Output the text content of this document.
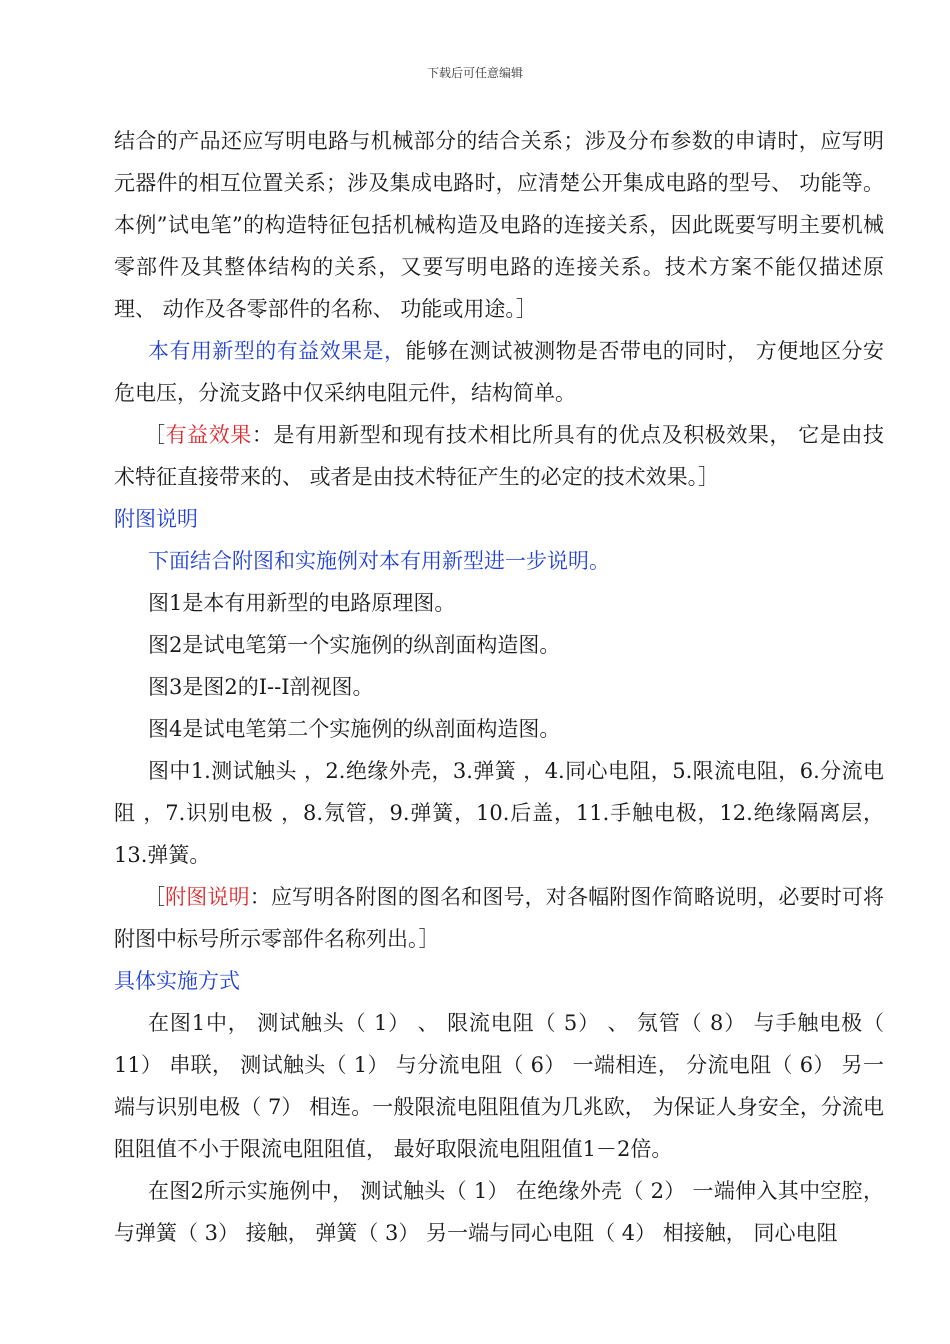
下载后可任意编辑

结合的产品还应写明电路与机械部分的结合关系；涉及分布参数的申请时，应写明元器件的相互位置关系；涉及集成电路时，应清楚公开集成电路的型号、 功能等。本例”试电笔”的构造特征包括机械构造及电路的连接关系，因此既要写明主要机械零部件及其整体结构的关系，又要写明电路的连接关系。技术方案不能仅描述原理、 动作及各零部件的名称、 功能或用途。］

本有用新型的有益效果是，能够在测试被测物是否带电的同时， 方便地区分安危电压，分流支路中仅采纳电阻元件，结构简单。

［有益效果：是有用新型和现有技术相比所具有的优点及积极效果， 它是由技术特征直接带来的、 或者是由技术特征产生的必定的技术效果。］

附图说明

下面结合附图和实施例对本有用新型进一步说明。

图1是本有用新型的电路原理图。

图2是试电笔第一个实施例的纵剖面构造图。

图3是图2的I--I剖视图。

图4是试电笔第二个实施例的纵剖面构造图。

图中1.测试触头 ，2.绝缘外壳，3.弹簧 ，4.同心电阻，5.限流电阻，6.分流电阻 ，7.识别电极 ，8.氖管，9.弹簧，10.后盖，11.手触电极，12.绝缘隔离层，13.弹簧。

［附图说明：应写明各附图的图名和图号，对各幅附图作简略说明，必要时可将附图中标号所示零部件名称列出。］

具体实施方式

在图1中， 测试触头（ 1） 、 限流电阻（ 5） 、 氖管（ 8） 与手触电极（ 11） 串联， 测试触头（ 1） 与分流电阻（ 6） 一端相连， 分流电阻（ 6） 另一端与识别电极（ 7） 相连。一般限流电阻阻值为几兆欧， 为保证人身安全，分流电阻阻值不小于限流电阻阻值， 最好取限流电阻阻值1－2倍。

在图2所示实施例中， 测试触头（ 1） 在绝缘外壳（ 2） 一端伸入其中空腔， 与弹簧（ 3） 接触， 弹簧（ 3） 另一端与同心电阻（ 4） 相接触， 同心电阻
